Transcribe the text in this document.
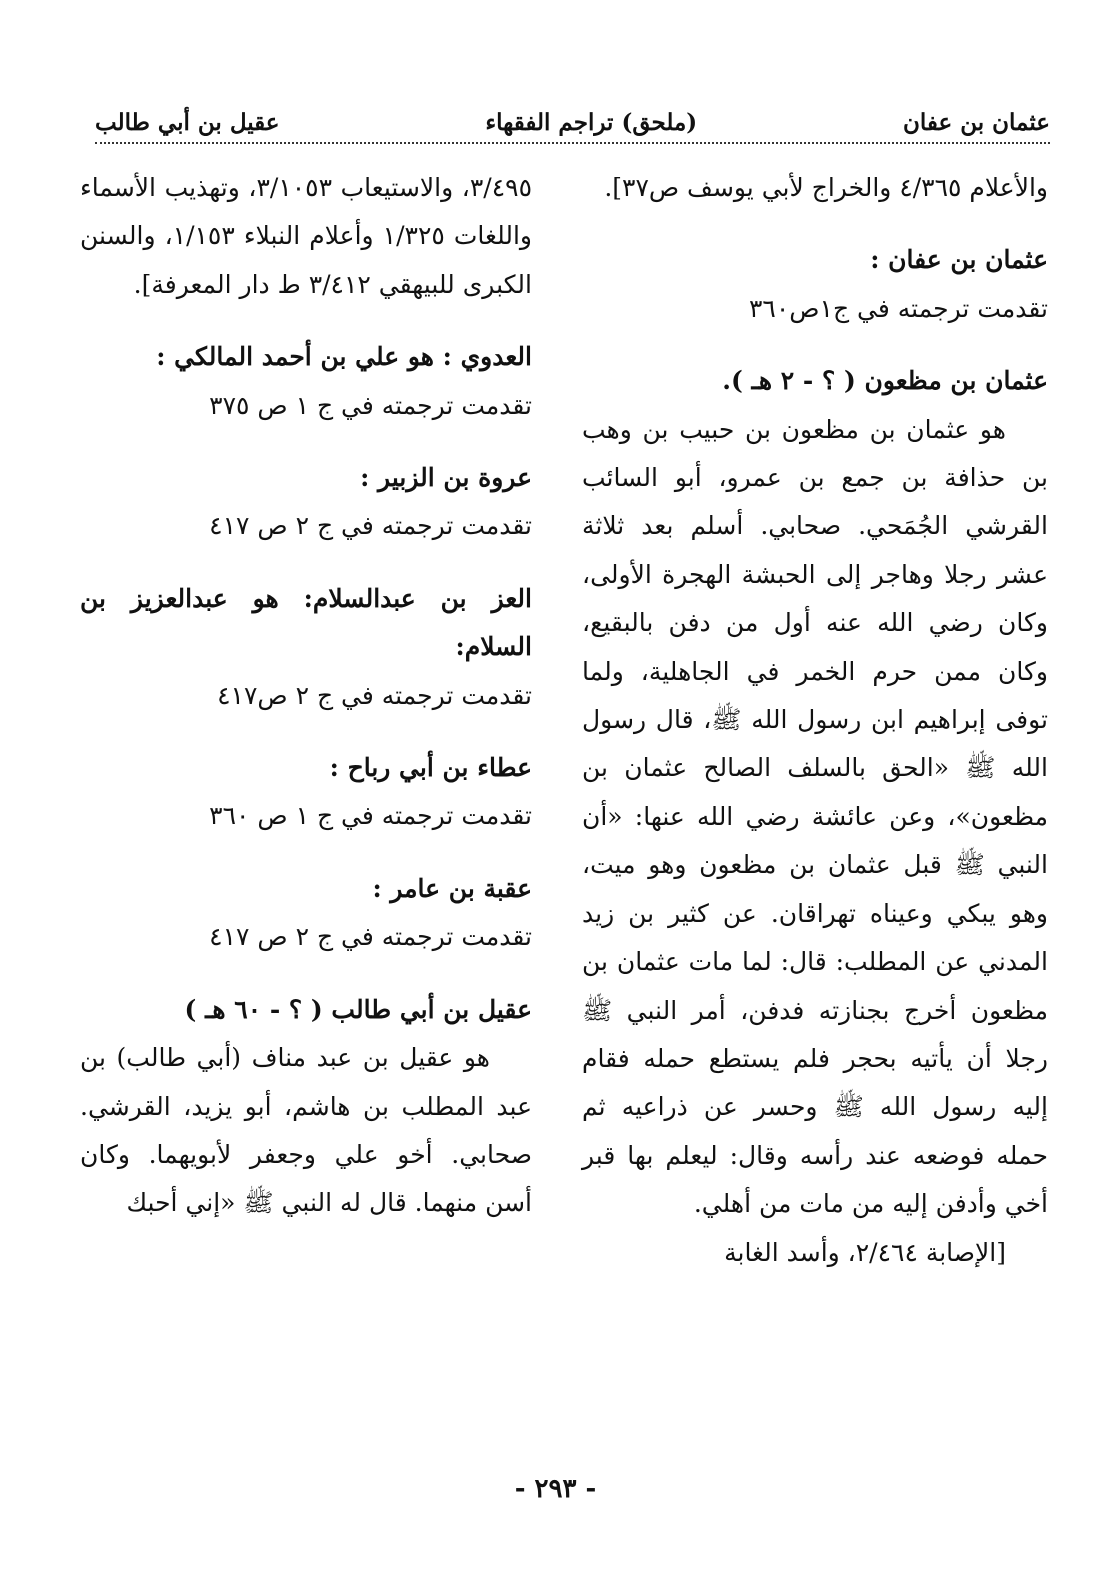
عثمان بن عفان
(ملحق) تراجم الفقهاء
عقيل بن أبي طالب

والأعلام ٤/٣٦٥ والخراج لأبي يوسف ص٣٧].

عثمان بن عفان :

تقدمت ترجمته في ج١ص٣٦٠

عثمان بن مظعون ( ؟ - ٢ هـ ).

هو عثمان بن مظعون بن حبيب بن وهب بن حذافة بن جمع بن عمرو، أبو السائب القرشي الجُمَحي. صحابي. أسلم بعد ثلاثة عشر رجلا وهاجر إلى الحبشة الهجرة الأولى، وكان رضي الله عنه أول من دفن بالبقيع، وكان ممن حرم الخمر في الجاهلية، ولما توفى إبراهيم ابن رسول الله ﷺ، قال رسول الله ﷺ «الحق بالسلف الصالح عثمان بن مظعون»، وعن عائشة رضي الله عنها: «أن النبي ﷺ قبل عثمان بن مظعون وهو ميت، وهو يبكي وعيناه تهراقان. عن كثير بن زيد المدني عن المطلب: قال: لما مات عثمان بن مظعون أخرج بجنازته فدفن، أمر النبي ﷺ رجلا أن يأتيه بحجر فلم يستطع حمله فقام إليه رسول الله ﷺ وحسر عن ذراعيه ثم حمله فوضعه عند رأسه وقال: ليعلم بها قبر أخي وأدفن إليه من مات من أهلي.

[الإصابة ٢/٤٦٤، وأسد الغابة

٣/٤٩٥، والاستيعاب ٣/١٠٥٣، وتهذيب الأسماء واللغات ١/٣٢٥ وأعلام النبلاء ١/١٥٣، والسنن الكبرى للبيهقي ٣/٤١٢ ط دار المعرفة].

العدوي : هو علي بن أحمد المالكي :

تقدمت ترجمته في ج ١ ص ٣٧٥

عروة بن الزبير :

تقدمت ترجمته في ج ٢ ص ٤١٧

العز بن عبدالسلام: هو عبدالعزيز بن السلام:

تقدمت ترجمته في ج ٢ ص٤١٧

عطاء بن أبي رباح :

تقدمت ترجمته في ج ١ ص ٣٦٠

عقبة بن عامر :

تقدمت ترجمته في ج ٢ ص ٤١٧

عقيل بن أبي طالب ( ؟ - ٦٠ هـ )

هو عقيل بن عبد مناف (أبي طالب) بن عبد المطلب بن هاشم، أبو يزيد، القرشي. صحابي. أخو علي وجعفر لأبويهما. وكان أسن منهما. قال له النبي ﷺ «إني أحبك

- ٢٩٣ -
